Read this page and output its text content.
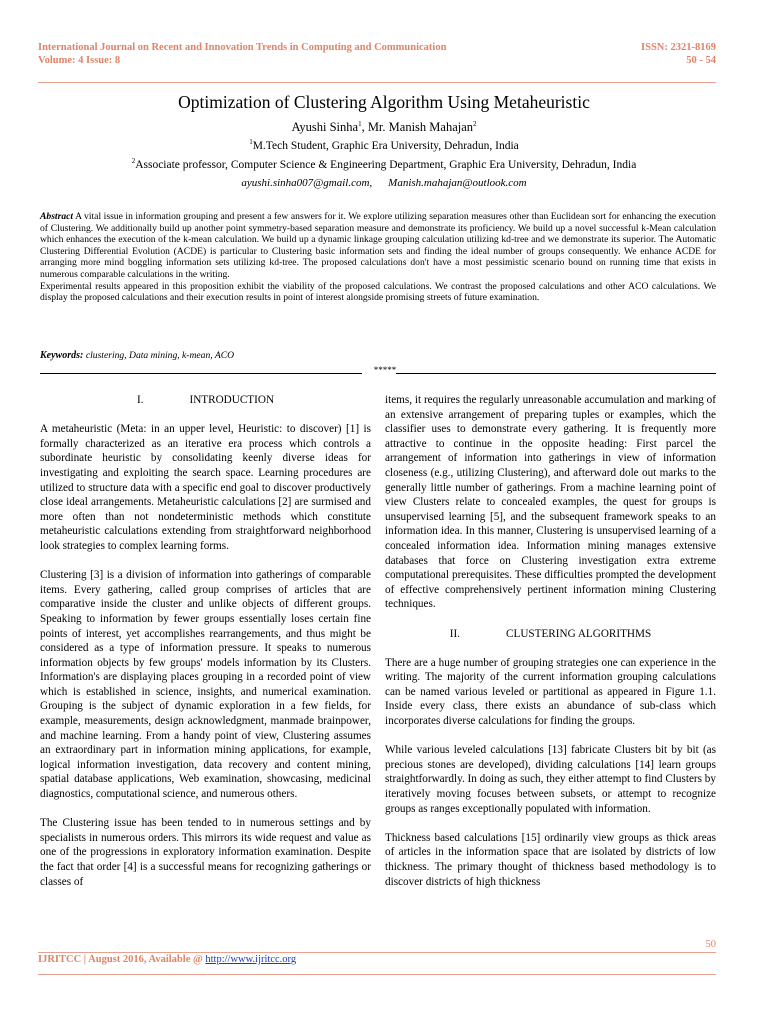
International Journal on Recent and Innovation Trends in Computing and Communication
Volume: 4 Issue: 8
ISSN: 2321-8169
50 - 54
Optimization of Clustering Algorithm Using Metaheuristic
Ayushi Sinha$^1$, Mr. Manish Mahajan$^2$
$^1$M.Tech Student, Graphic Era University, Dehradun, India
$^2$Associate professor, Computer Science & Engineering Department, Graphic Era University, Dehradun, India
ayushi.sinha007@gmail.com, Manish.mahajan@outlook.com
Abstract A vital issue in information grouping and present a few answers for it. We explore utilizing separation measures other than Euclidean sort for enhancing the execution of Clustering. We additionally build up another point symmetry-based separation measure and demonstrate its proficiency. We build up a novel successful k-Mean calculation which enhances the execution of the k-mean calculation. We build up a dynamic linkage grouping calculation utilizing kd-tree and we demonstrate its superior. The Automatic Clustering Differential Evolution (ACDE) is particular to Clustering basic information sets and finding the ideal number of groups consequently. We enhance ACDE for arranging more mind boggling information sets utilizing kd-tree. The proposed calculations don't have a most pessimistic scenario bound on running time that exists in numerous comparable calculations in the writing.
Experimental results appeared in this proposition exhibit the viability of the proposed calculations. We contrast the proposed calculations and other ACO calculations. We display the proposed calculations and their execution results in point of interest alongside promising streets of future examination.
Keywords: clustering, Data mining, k-mean, ACO
*****
I.	INTRODUCTION

A metaheuristic (Meta: in an upper level, Heuristic: to discover) [1] is formally characterized as an iterative era process which controls a subordinate heuristic by consolidating keenly diverse ideas for investigating and exploiting the search space. Learning procedures are utilized to structure data with a specific end goal to discover productively close ideal arrangements. Metaheuristic calculations [2] are surmised and more often than not nondeterministic methods which constitute metaheuristic calculations extending from straightforward neighborhood look strategies to complex learning forms.

Clustering [3] is a division of information into gatherings of comparable items. Every gathering, called group comprises of articles that are comparative inside the cluster and unlike objects of different groups. Speaking to information by fewer groups essentially loses certain fine points of interest, yet accomplishes rearrangements, and thus might be considered as a type of information pressure. It speaks to numerous information objects by few groups' models information by its Clusters. Information's are displaying places grouping in a recorded point of view which is established in science, insights, and numerical examination. Grouping is the subject of dynamic exploration in a few fields, for example, measurements, design acknowledgment, manmade brainpower, and machine learning. From a handy point of view, Clustering assumes an extraordinary part in information mining applications, for example, logical information investigation, data recovery and content mining, spatial database applications, Web examination, showcasing, medicinal diagnostics, computational science, and numerous others.

The Clustering issue has been tended to in numerous settings and by specialists in numerous orders. This mirrors its wide request and value as one of the progressions in exploratory information examination. Despite the fact that order [4] is a successful means for recognizing gatherings or classes of

items, it requires the regularly unreasonable accumulation and marking of an extensive arrangement of preparing tuples or examples, which the classifier uses to demonstrate every gathering. It is frequently more attractive to continue in the opposite heading: First parcel the arrangement of information into gatherings in view of information closeness (e.g., utilizing Clustering), and afterward dole out marks to the generally little number of gatherings. From a machine learning point of view Clusters relate to concealed examples, the quest for groups is unsupervised learning [5], and the subsequent framework speaks to an information idea. In this manner, Clustering is unsupervised learning of a concealed information idea. Information mining manages extensive databases that force on Clustering investigation extra extreme computational prerequisites. These difficulties prompted the development of effective comprehensively pertinent information mining Clustering techniques.

II.	CLUSTERING ALGORITHMS

There are a huge number of grouping strategies one can experience in the writing. The majority of the current information grouping calculations can be named various leveled or partitional as appeared in Figure 1.1. Inside every class, there exists an abundance of sub-class which incorporates diverse calculations for finding the groups.

While various leveled calculations [13] fabricate Clusters bit by bit (as precious stones are developed), dividing calculations [14] learn groups straightforwardly. In doing as such, they either attempt to find Clusters by iteratively moving focuses between subsets, or attempt to recognize groups as ranges exceptionally populated with information.

Thickness based calculations [15] ordinarily view groups as thick areas of articles in the information space that are isolated by districts of low thickness. The primary thought of thickness based methodology is to discover districts of high thickness

50
IJRITCC | August 2016, Available @ http://www.ijritcc.org
